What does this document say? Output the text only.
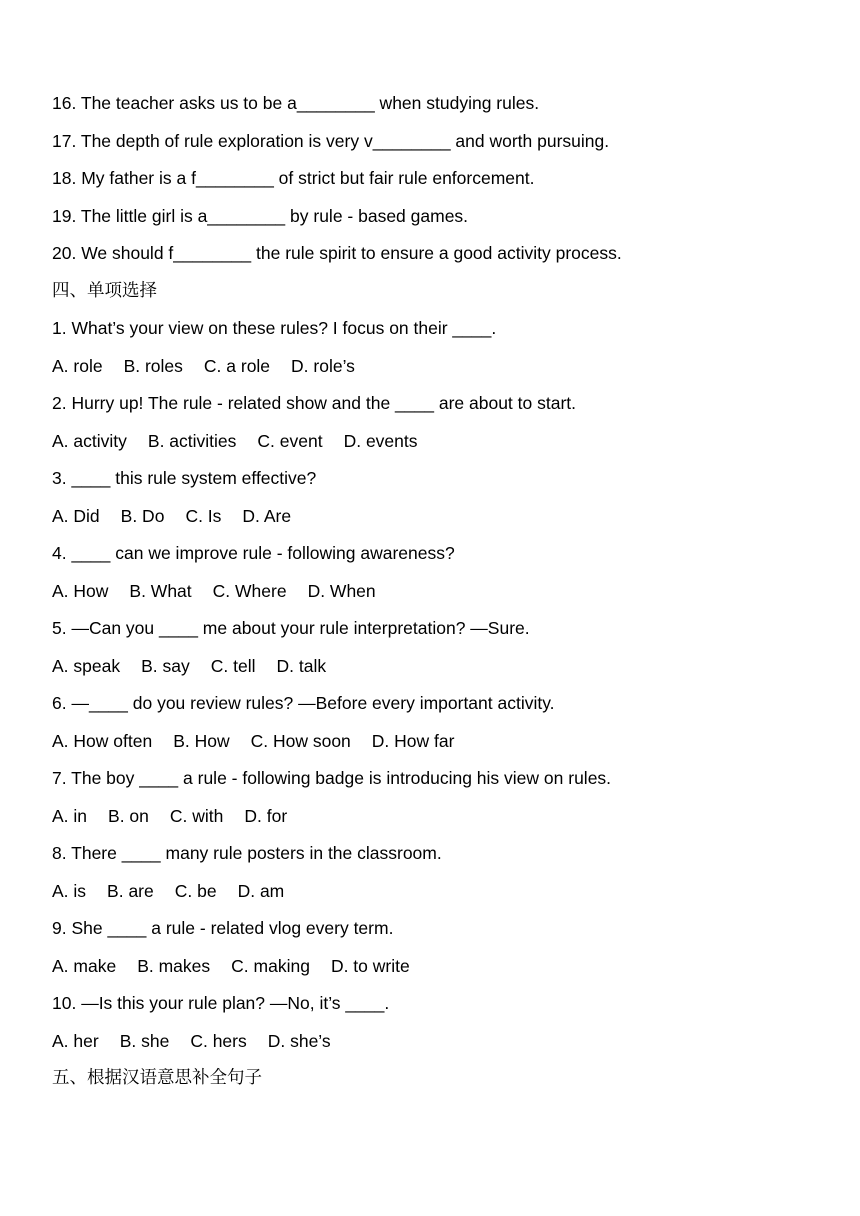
16. The teacher asks us to be a________ when studying rules.
17. The depth of rule exploration is very v________ and worth pursuing.
18. My father is a f________ of strict but fair rule enforcement.
19. The little girl is a________ by rule - based games.
20. We should f________ the rule spirit to ensure a good activity process.
四、单项选择
1. What’s your view on these rules? I focus on their ____.
A. role B. roles C. a role D. role’s
2. Hurry up! The rule - related show and the ____ are about to start.
A. activity B. activities C. event D. events
3. ____ this rule system effective?
A. Did B. Do C. Is D. Are
4. ____ can we improve rule - following awareness?
A. How B. What C. Where D. When
5. —Can you ____ me about your rule interpretation? —Sure.
A. speak B. say C. tell D. talk
6. —____ do you review rules? —Before every important activity.
A. How often B. How C. How soon D. How far
7. The boy ____ a rule - following badge is introducing his view on rules.
A. in B. on C. with D. for
8. There ____ many rule posters in the classroom.
A. is B. are C. be D. am
9. She ____ a rule - related vlog every term.
A. make B. makes C. making D. to write
10. —Is this your rule plan? —No, it’s ____.
A. her B. she C. hers D. she’s
五、根据汉语意思补全句子
